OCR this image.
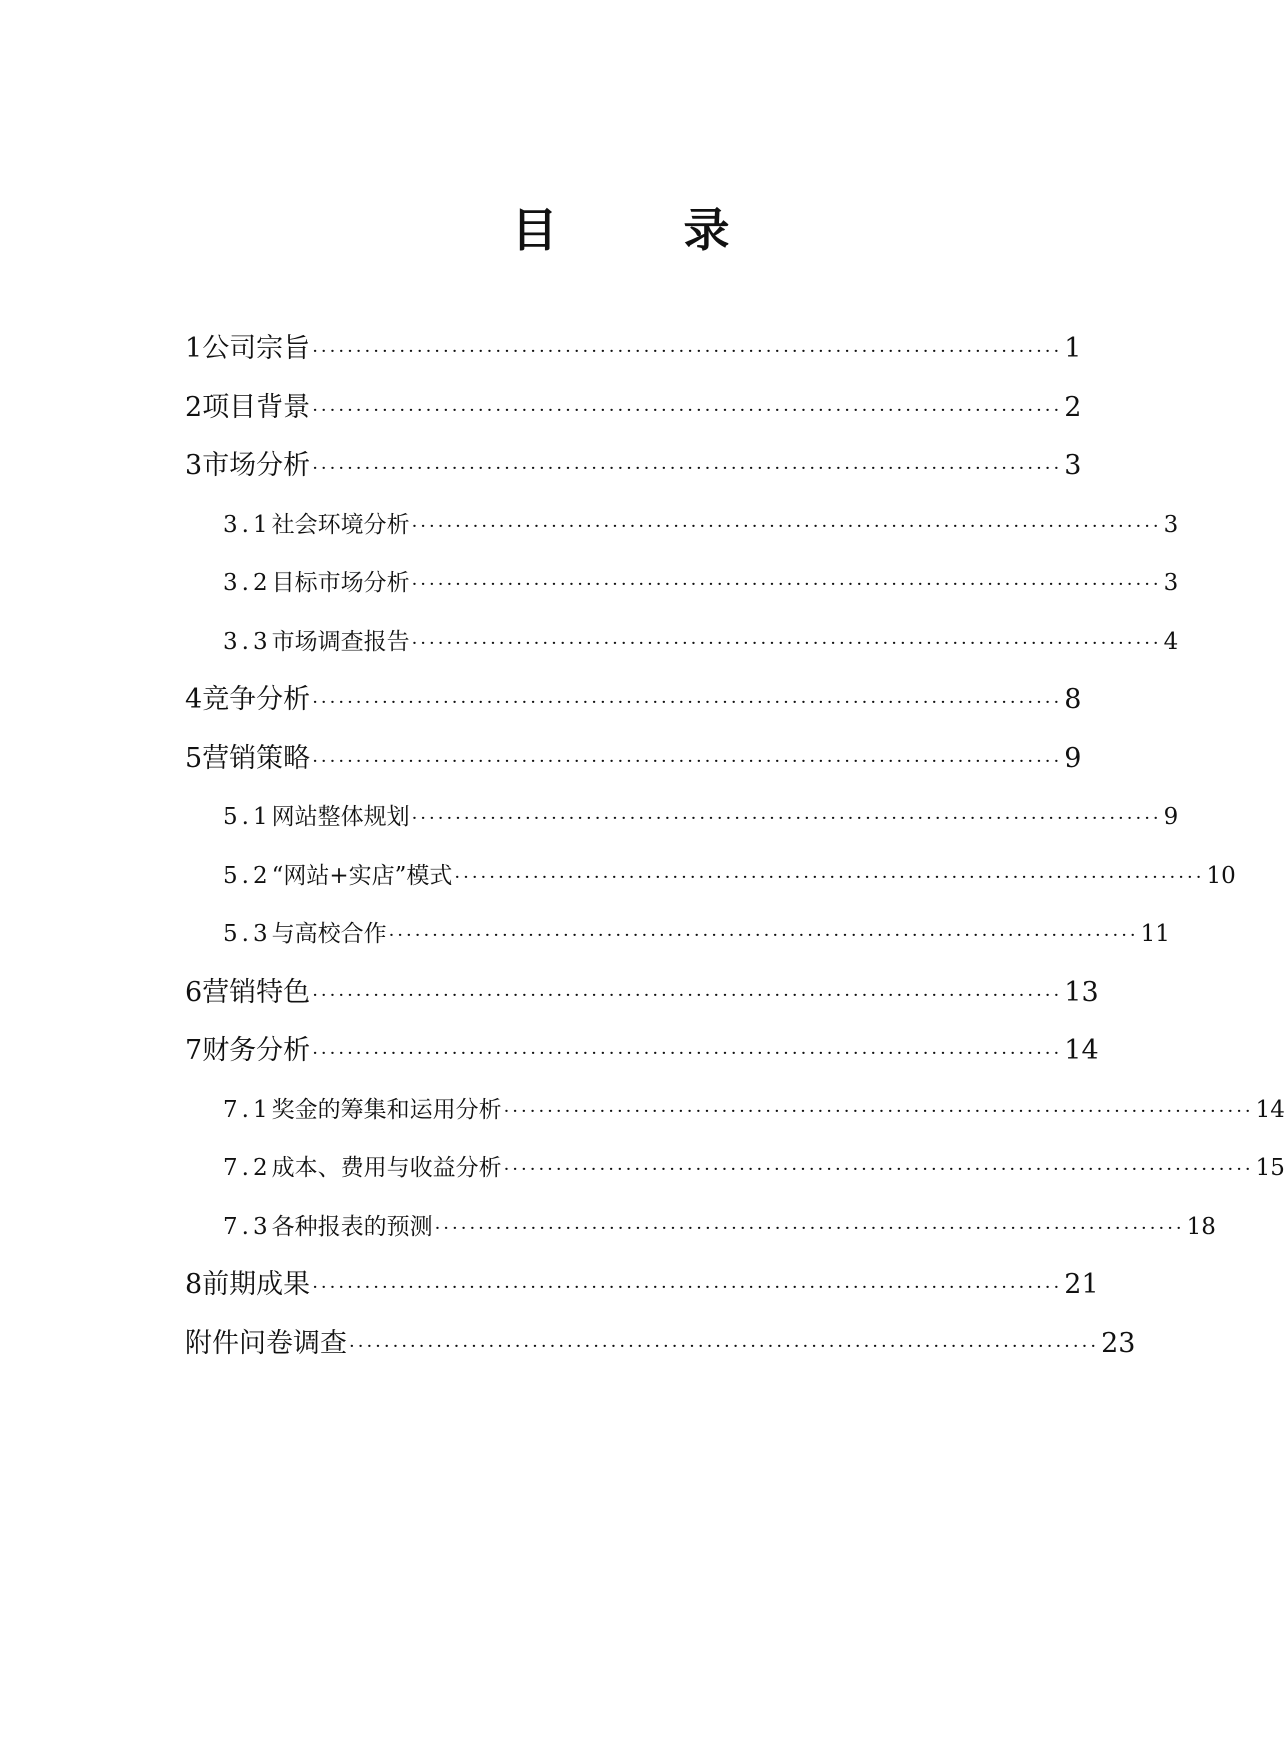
目　录
1 公司宗旨 ······················································································ 1
2 项目背景 ······················································································ 2
3 市场分析 ······················································································ 3
3.1 社会环境分析 ······················································································ 3
3.2 目标市场分析 ······················································································ 3
3.3 市场调查报告 ······················································································ 4
4 竞争分析 ······················································································ 8
5 营销策略 ······················································································ 9
5.1 网站整体规划 ······················································································ 9
5.2 “网站+实店”模式 ······················································································ 10
5.3 与高校合作 ······················································································ 11
6 营销特色 ······················································································ 13
7 财务分析 ······················································································ 14
7.1 奖金的筹集和运用分析 ······················································································ 14
7.2 成本、费用与收益分析 ······················································································ 15
7.3 各种报表的预测 ······················································································ 18
8 前期成果 ······················································································ 21
附件 问卷调查 ······················································································ 23
